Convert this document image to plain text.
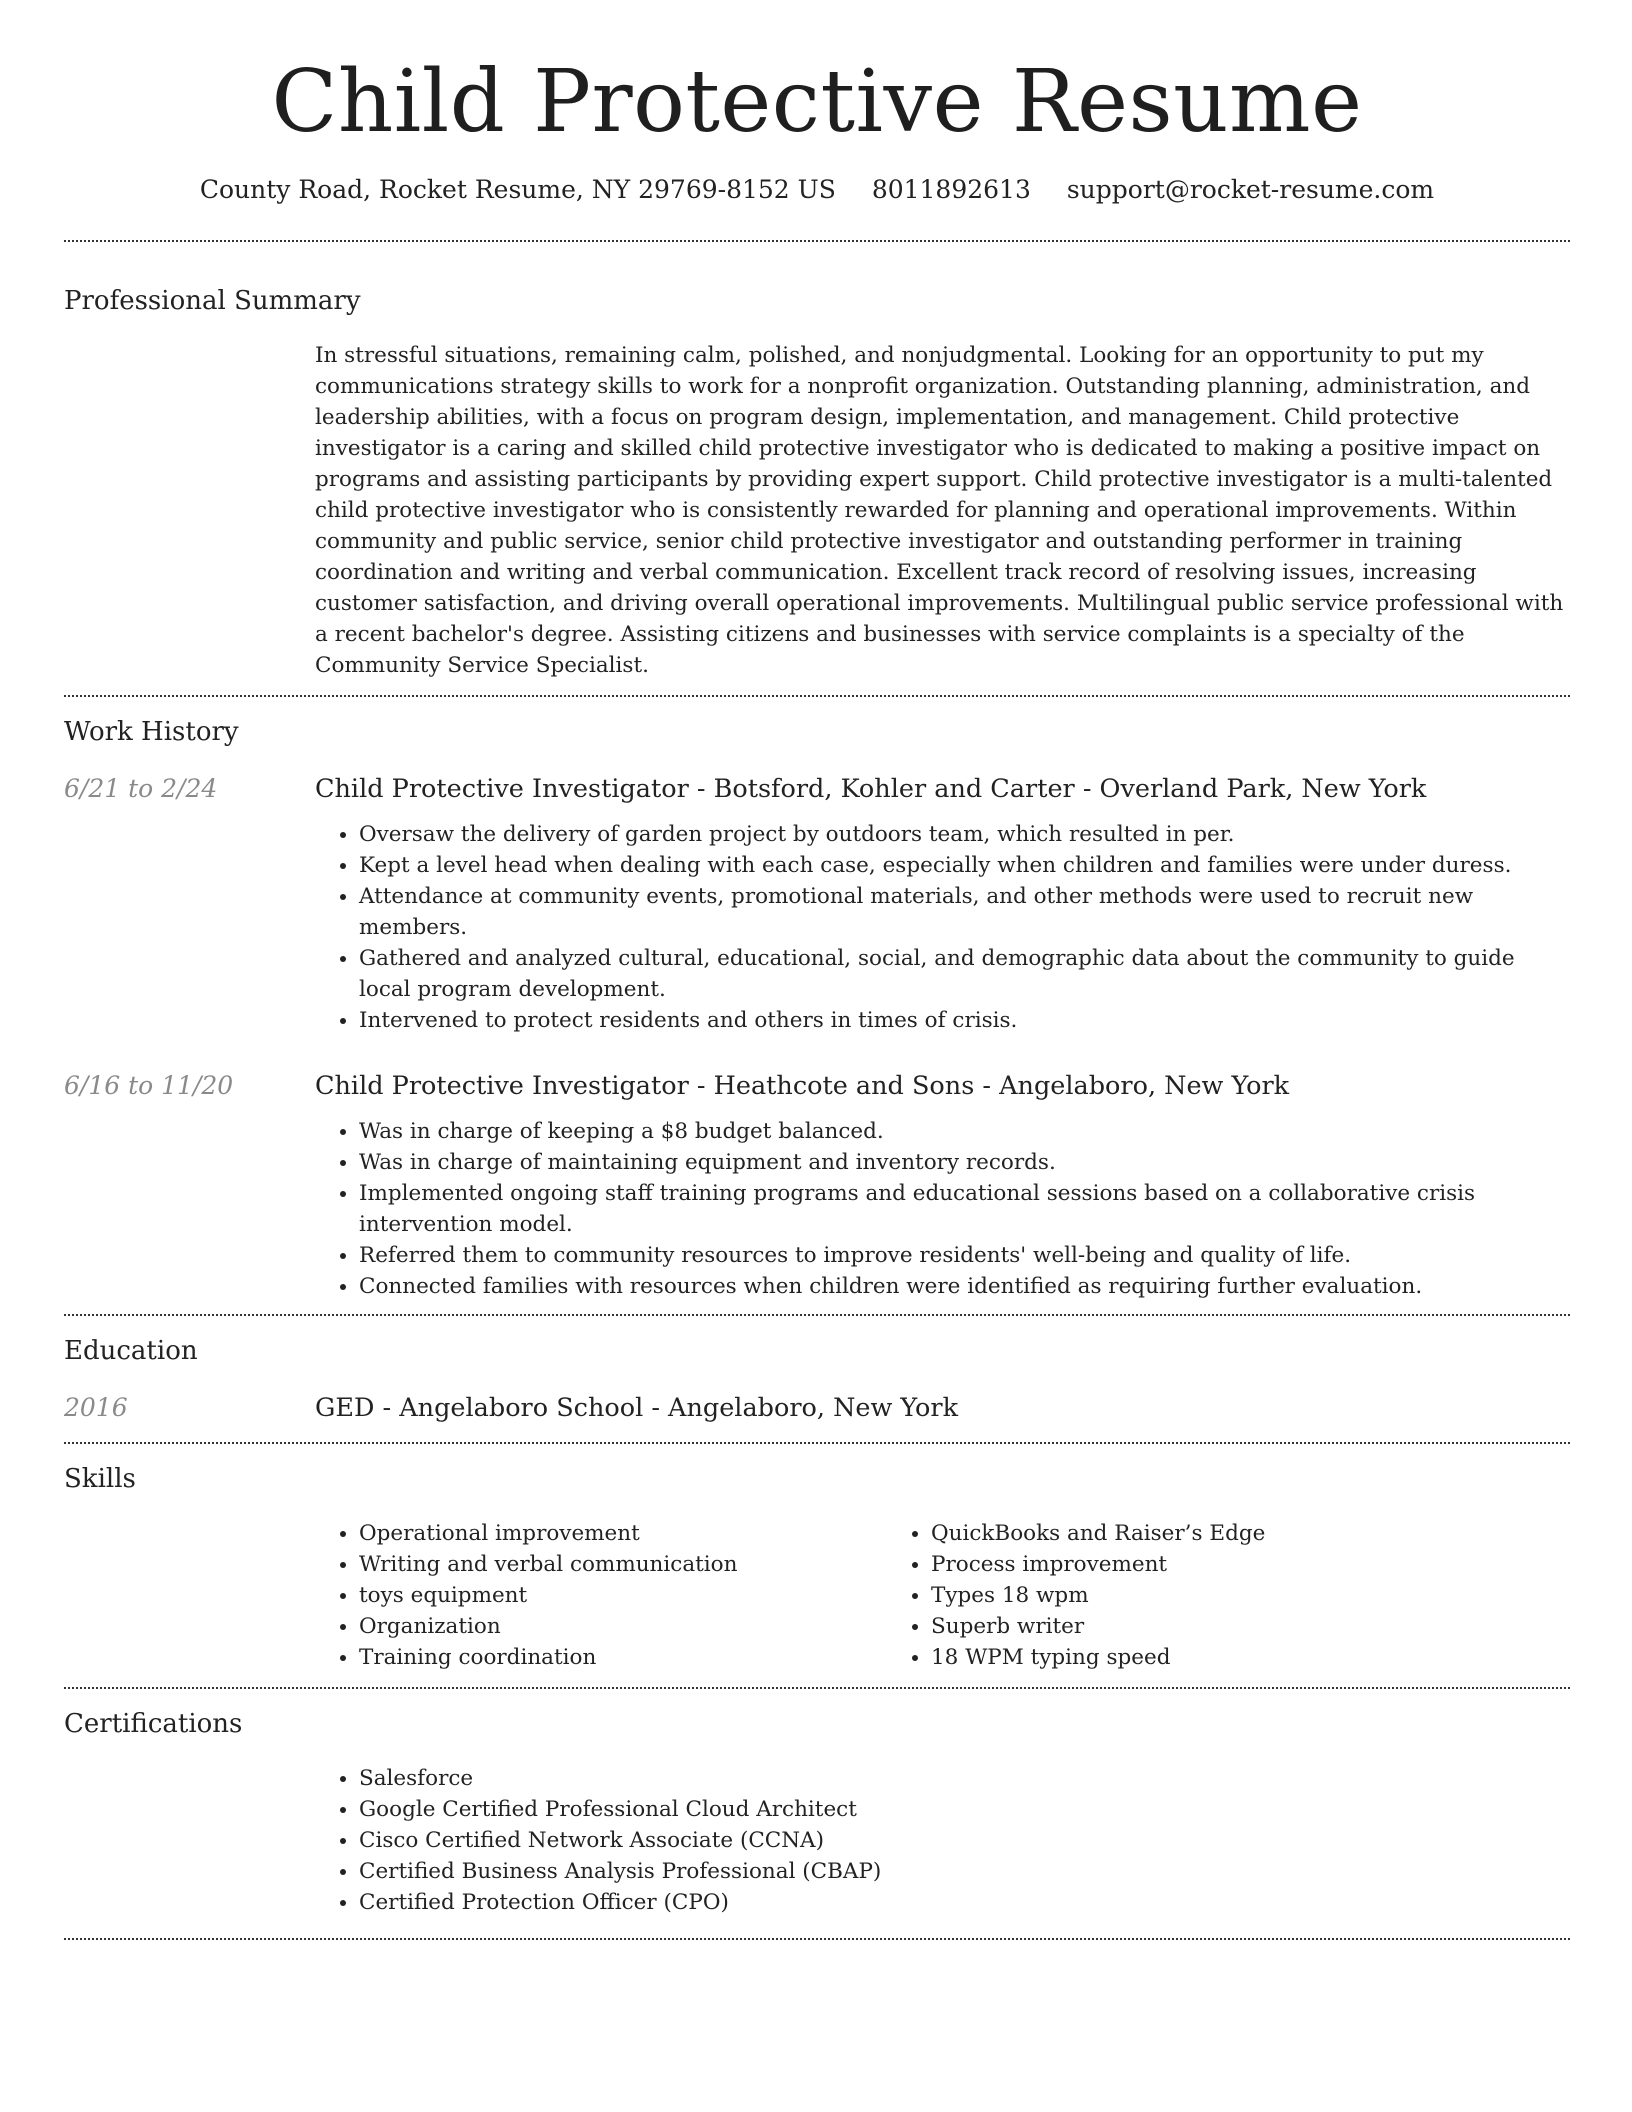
Child Protective Resume
County Road, Rocket Resume, NY 29769-8152 US 8011892613 support@rocket-resume.com
Professional Summary
In stressful situations, remaining calm, polished, and nonjudgmental. Looking for an opportunity to put my communications strategy skills to work for a nonprofit organization. Outstanding planning, administration, and leadership abilities, with a focus on program design, implementation, and management. Child protective investigator is a caring and skilled child protective investigator who is dedicated to making a positive impact on programs and assisting participants by providing expert support. Child protective investigator is a multi-talented child protective investigator who is consistently rewarded for planning and operational improvements. Within community and public service, senior child protective investigator and outstanding performer in training coordination and writing and verbal communication. Excellent track record of resolving issues, increasing customer satisfaction, and driving overall operational improvements. Multilingual public service professional with a recent bachelor's degree. Assisting citizens and businesses with service complaints is a specialty of the Community Service Specialist.
Work History
6/21 to 2/24	Child Protective Investigator - Botsford, Kohler and Carter - Overland Park, New York
• Oversaw the delivery of garden project by outdoors team, which resulted in per.
• Kept a level head when dealing with each case, especially when children and families were under duress.
• Attendance at community events, promotional materials, and other methods were used to recruit new members.
• Gathered and analyzed cultural, educational, social, and demographic data about the community to guide local program development.
• Intervened to protect residents and others in times of crisis.
6/16 to 11/20	Child Protective Investigator - Heathcote and Sons - Angelaboro, New York
• Was in charge of keeping a $8 budget balanced.
• Was in charge of maintaining equipment and inventory records.
• Implemented ongoing staff training programs and educational sessions based on a collaborative crisis intervention model.
• Referred them to community resources to improve residents' well-being and quality of life.
• Connected families with resources when children were identified as requiring further evaluation.
Education
2016	GED - Angelaboro School - Angelaboro, New York
Skills
• Operational improvement
• Writing and verbal communication
• toys equipment
• Organization
• Training coordination
• QuickBooks and Raiser’s Edge
• Process improvement
• Types 18 wpm
• Superb writer
• 18 WPM typing speed
Certifications
• Salesforce
• Google Certified Professional Cloud Architect
• Cisco Certified Network Associate (CCNA)
• Certified Business Analysis Professional (CBAP)
• Certified Protection Officer (CPO)
